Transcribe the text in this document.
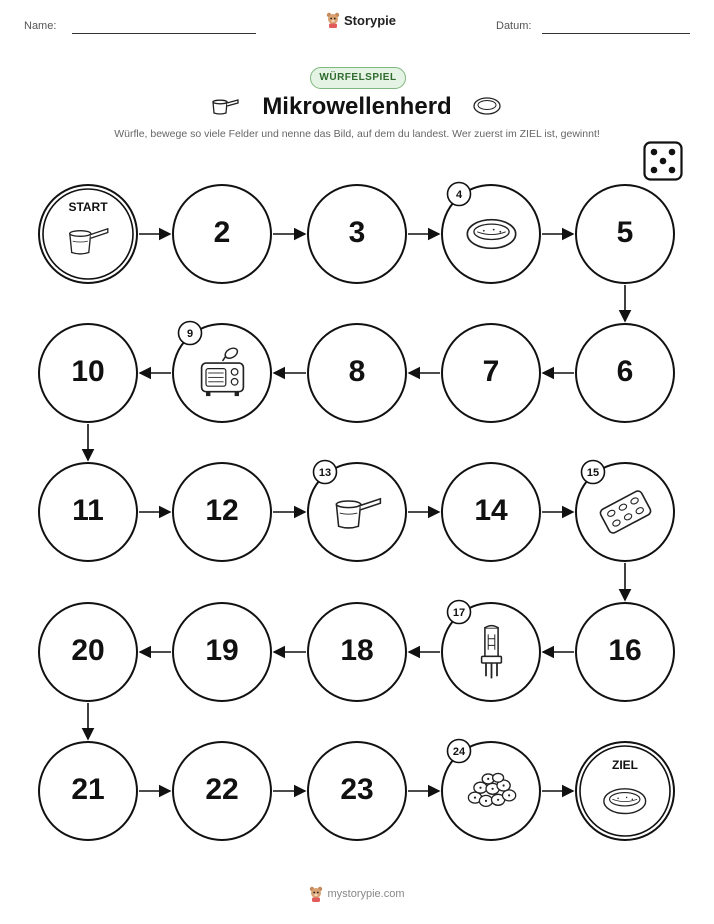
Name:	Storypie	Datum:
WÜRFELSPIEL
Mikrowellenherd
Würfle, bewege so viele Felder und nenne das Bild, auf dem du landest. Wer zuerst im ZIEL ist, gewinnt!
START
2	3
4
5
6
7
8
9
10
11	12
13
14
15
16
17
18
19
20
21	22	23
24
ZIEL
mystorypie.com
